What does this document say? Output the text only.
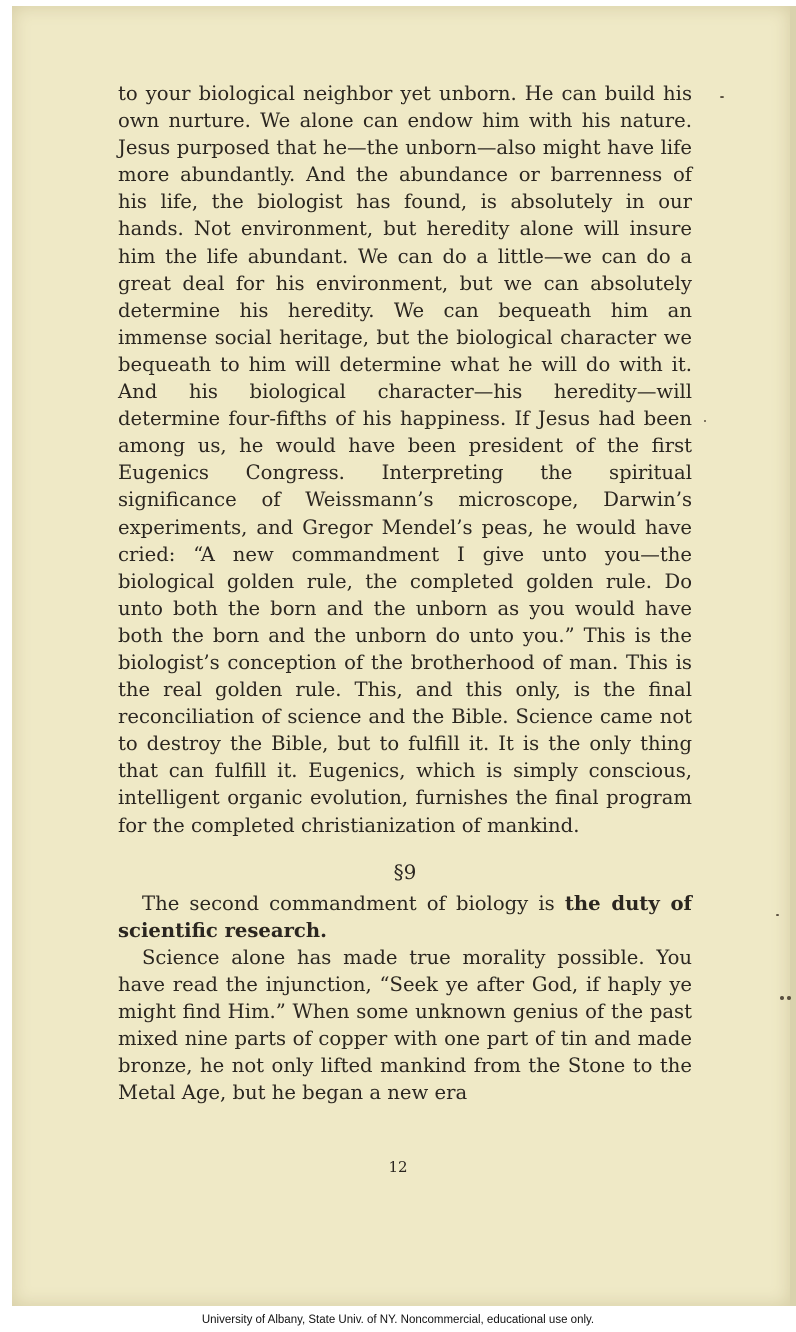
to your biological neighbor yet unborn. He can build his own nurture. We alone can endow him with his nature. Jesus purposed that he—the unborn—also might have life more abundantly. And the abundance or barrenness of his life, the biologist has found, is absolutely in our hands. Not environment, but heredity alone will insure him the life abundant. We can do a little—we can do a great deal for his environment, but we can absolutely determine his heredity. We can bequeath him an immense social heritage, but the biological character we bequeath to him will determine what he will do with it. And his biological character—his heredity—will determine four-fifths of his happiness. If Jesus had been among us, he would have been president of the first Eugenics Congress. Interpreting the spiritual significance of Weissmann’s microscope, Darwin’s experiments, and Gregor Mendel’s peas, he would have cried: “A new commandment I give unto you—the biological golden rule, the completed golden rule. Do unto both the born and the unborn as you would have both the born and the unborn do unto you.” This is the biologist’s conception of the brotherhood of man. This is the real golden rule. This, and this only, is the final reconciliation of science and the Bible. Science came not to destroy the Bible, but to fulfill it. It is the only thing that can fulfill it. Eugenics, which is simply conscious, intelligent organic evolution, furnishes the final program for the completed christianization of mankind.

§9

The second commandment of biology is the duty of scientific research.

Science alone has made true morality possible. You have read the injunction, “Seek ye after God, if haply ye might find Him.” When some unknown genius of the past mixed nine parts of copper with one part of tin and made bronze, he not only lifted mankind from the Stone to the Metal Age, but he began a new era

12
University of Albany, State Univ. of NY. Noncommercial, educational use only.
